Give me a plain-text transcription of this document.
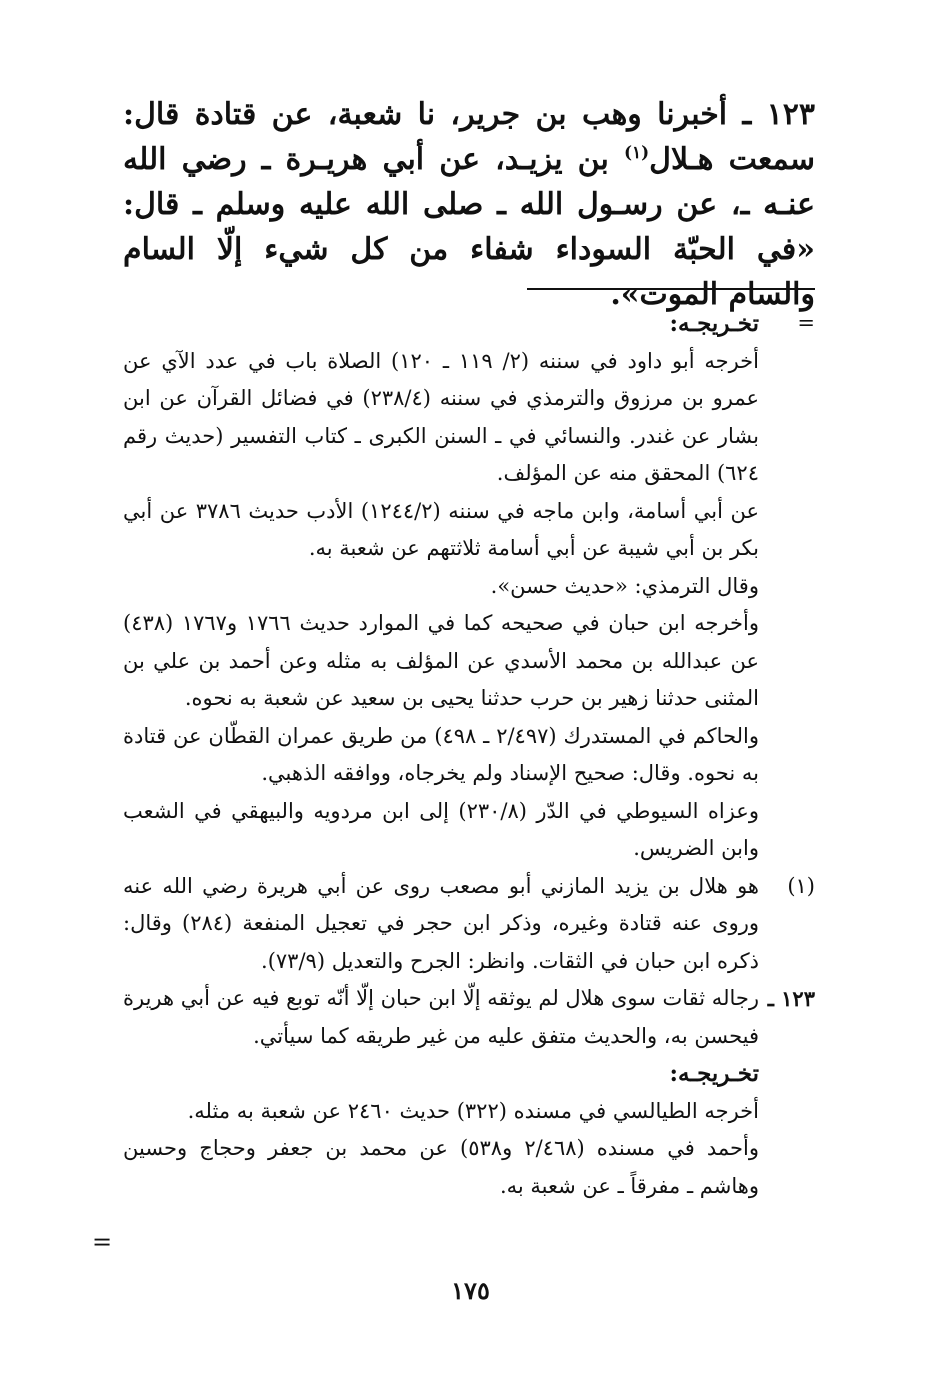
١٢٣ ـ أخبرنا وهب بن جرير، نا شعبة، عن قتادة قال: سمعت هـلال$^{(١)}$ بن يزيـد، عن أبي هريـرة ـ رضي الله عنـه ـ، عن رسـول الله ـ صلى الله عليه وسلم ـ قال: «في الحبّة السوداء شفاء من كل شيء إلّا السام والسام الموت».

=

تخـريجـه:

أخرجه أبو داود في سننه (٢/ ١١٩ ـ ١٢٠) الصلاة باب في عدد الآي عن عمرو بن مرزوق والترمذي في سننه (٢٣٨/٤) في فضائل القرآن عن ابن بشار عن غندر. والنسائي في ـ السنن الكبرى ـ كتاب التفسير (حديث رقم ٦٢٤) المحقق منه عن المؤلف.

عن أبي أسامة، وابن ماجه في سننه (١٢٤٤/٢) الأدب حديث ٣٧٨٦ عن أبي بكر بن أبي شيبة عن أبي أسامة ثلاثتهم عن شعبة به.

وقال الترمذي: «حديث حسن».

وأخرجه ابن حبان في صحيحه كما في الموارد حديث ١٧٦٦ و١٧٦٧ (٤٣٨) عن عبدالله بن محمد الأسدي عن المؤلف به مثله وعن أحمد بن علي بن المثنى حدثنا زهير بن حرب حدثنا يحيى بن سعيد عن شعبة به نحوه.

والحاكم في المستدرك (٢/٤٩٧ ـ ٤٩٨) من طريق عمران القطّان عن قتادة به نحوه. وقال: صحيح الإسناد ولم يخرجاه، ووافقه الذهبي.

وعزاه السيوطي في الدّر (٢٣٠/٨) إلى ابن مردويه والبيهقي في الشعب وابن الضريس.

(١)

هو هلال بن يزيد المازني أبو مصعب روى عن أبي هريرة رضي الله عنه وروى عنه قتادة وغيره، وذكر ابن حجر في تعجيل المنفعة (٢٨٤) وقال: ذكره ابن حبان في الثقات. وانظر: الجرح والتعديل (٧٣/٩).

١٢٣ ـ

رجاله ثقات سوى هلال لم يوثقه إلّا ابن حبان إلّا أنّه توبع فيه عن أبي هريرة فيحسن به، والحديث متفق عليه من غير طريقه كما سيأتي.

تخـريجـه:

أخرجه الطيالسي في مسنده (٣٢٢) حديث ٢٤٦٠ عن شعبة به مثله.

وأحمد في مسنده (٢/٤٦٨ و٥٣٨) عن محمد بن جعفر وحجاج وحسين وهاشم ـ مفرقاً ـ عن شعبة به.

=
١٧٥
